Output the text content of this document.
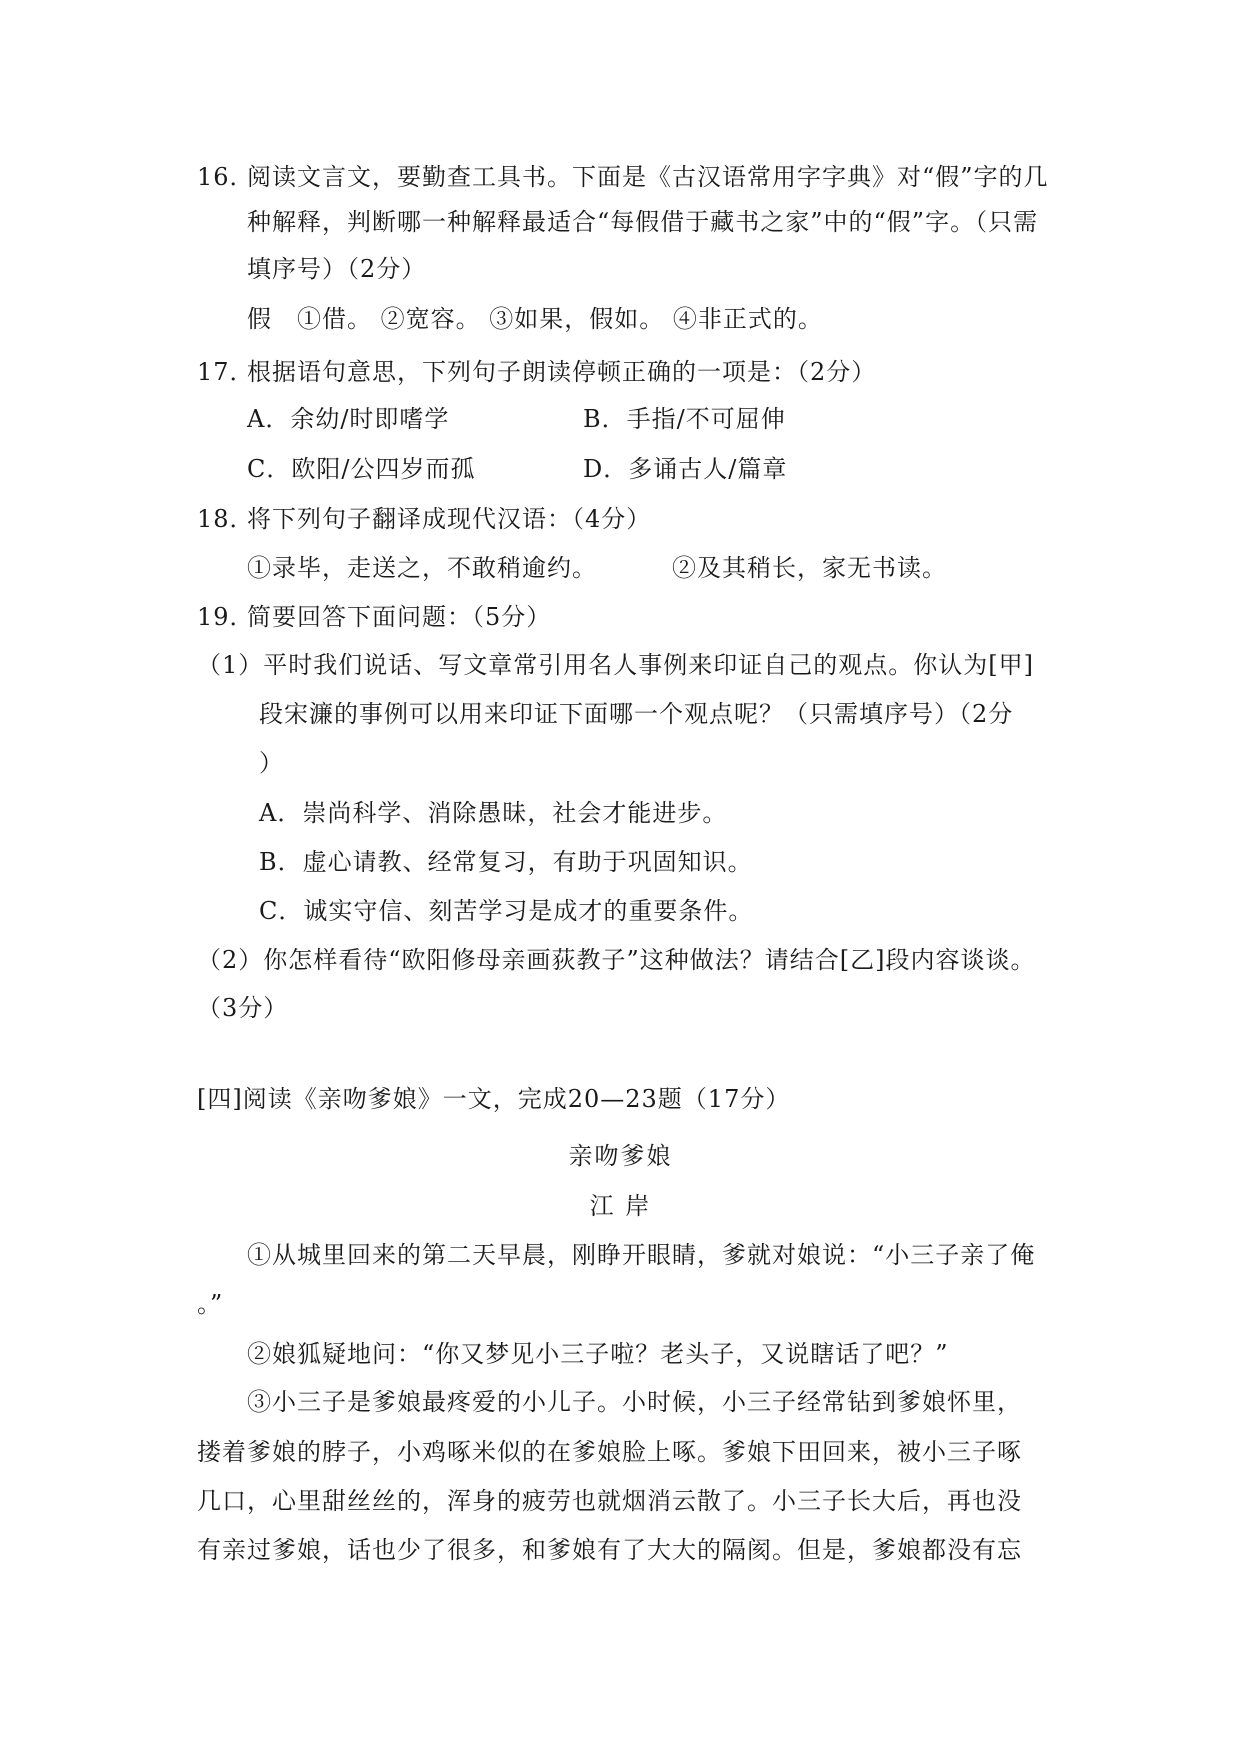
16．阅读文言文，要勤查工具书。下面是《古汉语常用字字典》对“假”字的几
种解释，判断哪一种解释最适合“每假借于藏书之家”中的“假”字。（只需
填序号）（2分）
假　①借。 ②宽容。 ③如果，假如。 ④非正式的。
17．根据语句意思，下列句子朗读停顿正确的一项是：（2分）
A．余幼/时即嗜学	B．手指/不可屈伸
C．欧阳/公四岁而孤	D．多诵古人/篇章
18．将下列句子翻译成现代汉语：（4分）
①录毕，走送之，不敢稍逾约。	②及其稍长，家无书读。
19．简要回答下面问题：（5分）
（1）平时我们说话、写文章常引用名人事例来印证自己的观点。你认为[甲]
段宋濂的事例可以用来印证下面哪一个观点呢？（只需填序号）（2分
）
A．崇尚科学、消除愚昧，社会才能进步。
B．虚心请教、经常复习，有助于巩固知识。
C．诚实守信、刻苦学习是成才的重要条件。
（2）你怎样看待“欧阳修母亲画荻教子”这种做法？请结合[乙]段内容谈谈。
（3分）
[四]阅读《亲吻爹娘》一文，完成20—23题（17分）
亲吻爹娘
江 岸
①从城里回来的第二天早晨，刚睁开眼睛，爹就对娘说：“小三子亲了俺
。”
②娘狐疑地问：“你又梦见小三子啦？老头子，又说瞎话了吧？”
③小三子是爹娘最疼爱的小儿子。小时候，小三子经常钻到爹娘怀里，
搂着爹娘的脖子，小鸡啄米似的在爹娘脸上啄。爹娘下田回来，被小三子啄
几口，心里甜丝丝的，浑身的疲劳也就烟消云散了。小三子长大后，再也没
有亲过爹娘，话也少了很多，和爹娘有了大大的隔阂。但是，爹娘都没有忘
